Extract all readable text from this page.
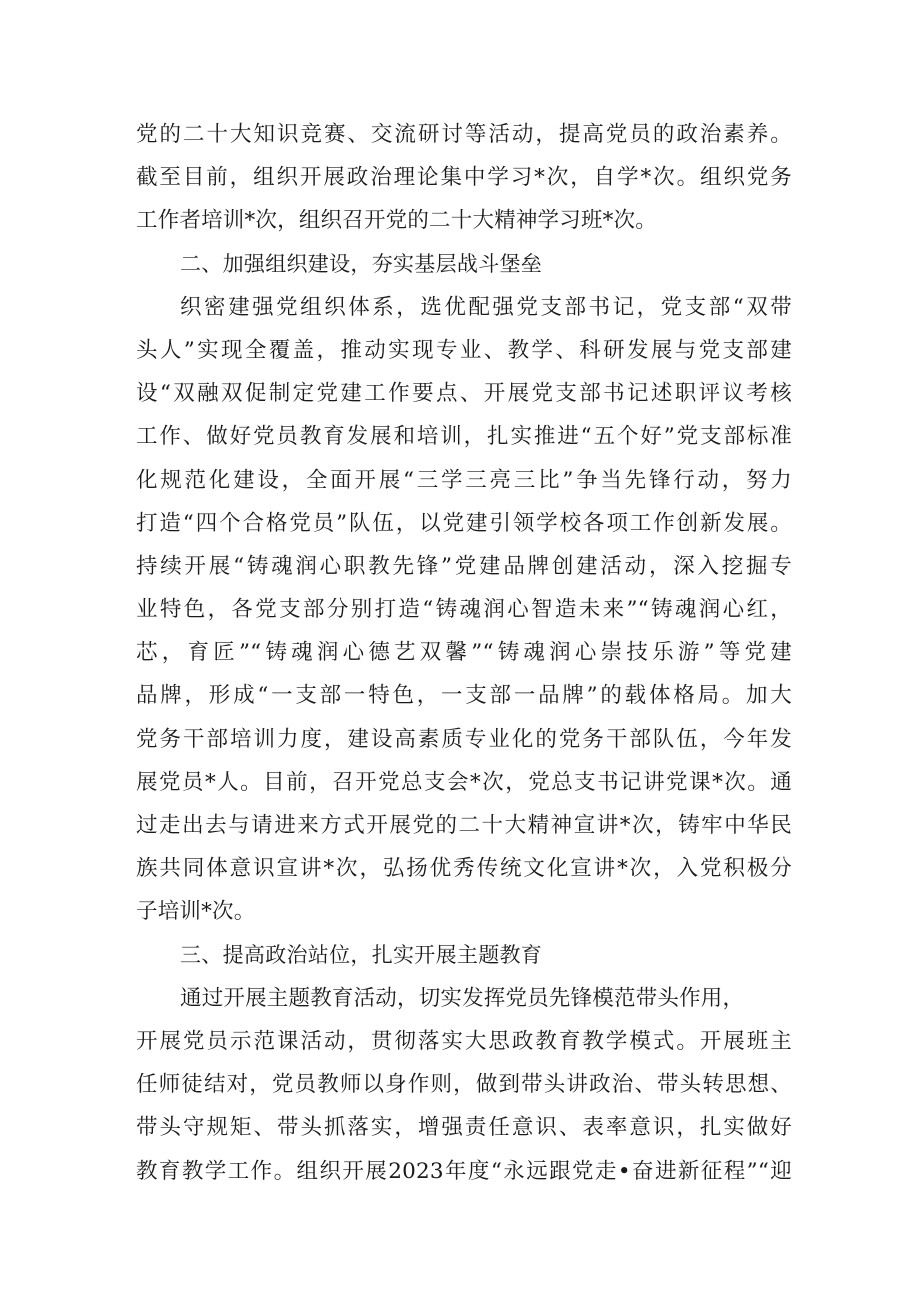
党的二十大知识竞赛、交流研讨等活动，提高党员的政治素养。
截至目前，组织开展政治理论集中学习*次，自学*次。组织党务
工作者培训*次，组织召开党的二十大精神学习班*次。
二、加强组织建设，夯实基层战斗堡垒
织密建强党组织体系，选优配强党支部书记，党支部“双带
头人”实现全覆盖，推动实现专业、教学、科研发展与党支部建
设“双融双促制定党建工作要点、开展党支部书记述职评议考核
工作、做好党员教育发展和培训，扎实推进“五个好”党支部标准
化规范化建设，全面开展“三学三亮三比”争当先锋行动，努力
打造“四个合格党员”队伍，以党建引领学校各项工作创新发展。
持续开展“铸魂润心职教先锋”党建品牌创建活动，深入挖掘专
业特色，各党支部分别打造“铸魂润心智造未来”“铸魂润心红，
芯，育匠”“铸魂润心德艺双馨”“铸魂润心崇技乐游”等党建
品牌，形成“一支部一特色，一支部一品牌”的载体格局。加大
党务干部培训力度，建设高素质专业化的党务干部队伍，今年发
展党员*人。目前，召开党总支会*次，党总支书记讲党课*次。通
过走出去与请进来方式开展党的二十大精神宣讲*次，铸牢中华民
族共同体意识宣讲*次，弘扬优秀传统文化宣讲*次，入党积极分
子培训*次。
三、提高政治站位，扎实开展主题教育
通过开展主题教育活动，切实发挥党员先锋模范带头作用，
开展党员示范课活动，贯彻落实大思政教育教学模式。开展班主
任师徒结对，党员教师以身作则，做到带头讲政治、带头转思想、
带头守规矩、带头抓落实，增强责任意识、表率意识，扎实做好
教育教学工作。组织开展2023年度“永远跟党走•奋进新征程”“迎
